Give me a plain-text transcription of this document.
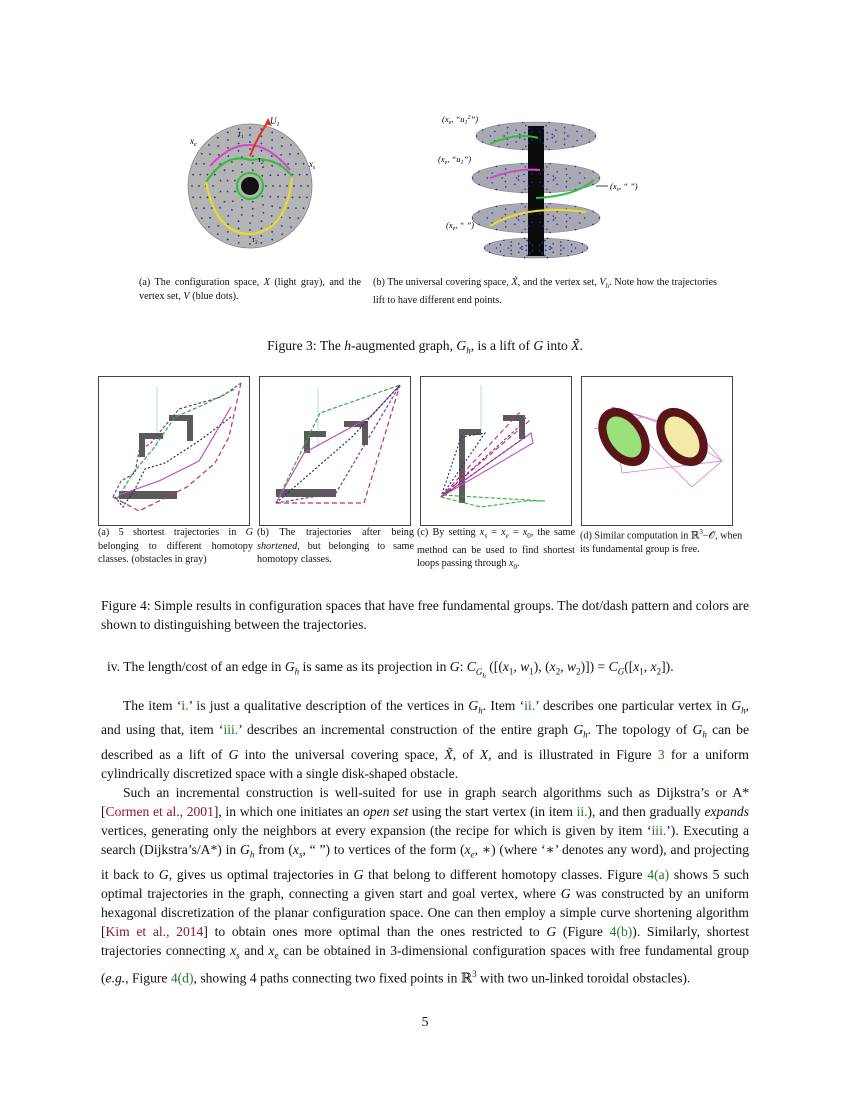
$x_e$
$x_s$
$U_1$
$\tau_1$
$\tau_2$
$\tau_3$
($x_e$, “$u_1^2$”)
($x_e$, “$u_1$”)
($x_s$, “ ”)
($x_e$, “ ”)
(a) The configuration space, X (light gray), and the vertex set, V (blue dots).
(b) The universal covering space, X̃, and the vertex set, $V_h$. Note how the trajectories lift to have different end points.
Figure 3: The h-augmented graph, $G_h$, is a lift of G into X̃.
(a) 5 shortest trajectories in G belonging to different homotopy classes. (obstacles in gray)
(b) The trajectories after being shortened, but belonging to same homotopy classes.
(c) By setting $x_s = x_e = x_0$, the same method can be used to find shortest loops passing through $x_0$.
(d) Similar computation in ℝ$^3$−𝒪, when its fundamental group is free.
Figure 4: Simple results in configuration spaces that have free fundamental groups. The dot/dash pattern and colors are shown to distinguishing between the trajectories.

iv. The length/cost of an edge in $G_h$ is same as its projection in G: $C_{G_h}$ ([($x_1$, $w_1$), ($x_2$, $w_2)]) = C_G([x_1$, $x_2$]).

The item ‘i.’ is just a qualitative description of the vertices in $G_h$. Item ‘ii.’ describes one particular vertex in $G_h$, and using that, item ‘iii.’ describes an incremental construction of the entire graph $G_h$. The topology of $G_h$ can be described as a lift of G into the universal covering space, X̃, of X, and is illustrated in Figure 3 for a uniform cylindrically discretized space with a single disk-shaped obstacle.

Such an incremental construction is well-suited for use in graph search algorithms such as Dijkstra’s or A* [Cormen et al., 2001], in which one initiates an open set using the start vertex (in item ii.), and then gradually expands vertices, generating only the neighbors at every expansion (the recipe for which is given by item ‘iii.’). Executing a search (Dijkstra’s/A*) in $G_h$ from ($x_s$, “ ”) to vertices of the form ($x_e$, ∗) (where ‘∗’ denotes any word), and projecting it back to G, gives us optimal trajectories in G that belong to different homotopy classes. Figure 4(a) shows 5 such optimal trajectories in the graph, connecting a given start and goal vertex, where G was constructed by an uniform hexagonal discretization of the planar configuration space. One can then employ a simple curve shortening algorithm [Kim et al., 2014] to obtain ones more optimal than the ones restricted to G (Figure 4(b)). Similarly, shortest trajectories connecting $x_s$ and $x_e$ can be obtained in 3-dimensional configuration spaces with free fundamental group (e.g., Figure 4(d), showing 4 paths connecting two fixed points in ℝ$^3$ with two un-linked toroidal obstacles).

5
